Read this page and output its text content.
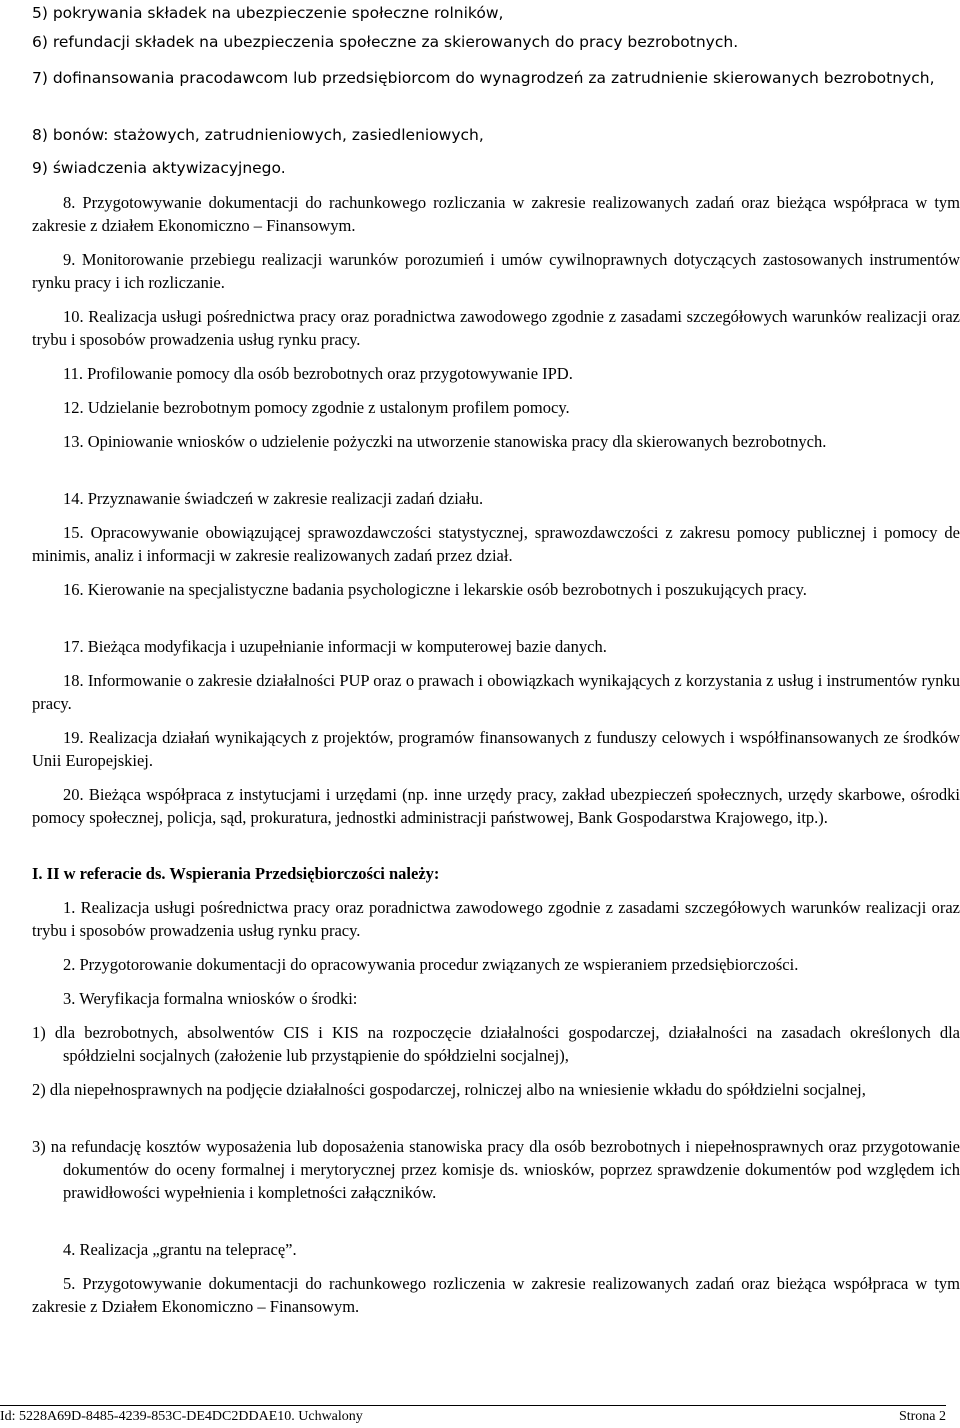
5) pokrywania składek na ubezpieczenie społeczne rolników,

6) refundacji składek na ubezpieczenia społeczne za skierowanych do pracy bezrobotnych.

7) dofinansowania pracodawcom lub przedsiębiorcom do wynagrodzeń za zatrudnienie skierowanych bezrobotnych,

8) bonów: stażowych, zatrudnieniowych, zasiedleniowych,

9) świadczenia aktywizacyjnego.

8. Przygotowywanie dokumentacji do rachunkowego rozliczania w zakresie realizowanych zadań oraz bieżąca współpraca w tym zakresie z działem Ekonomiczno – Finansowym.

9. Monitorowanie przebiegu realizacji warunków porozumień i umów cywilnoprawnych dotyczących zastosowanych instrumentów rynku pracy i ich rozliczanie.

10. Realizacja usługi pośrednictwa pracy oraz poradnictwa zawodowego zgodnie z zasadami szczegółowych warunków realizacji oraz trybu i sposobów prowadzenia usług rynku pracy.

11. Profilowanie pomocy dla osób bezrobotnych oraz przygotowywanie IPD.

12. Udzielanie bezrobotnym pomocy zgodnie z ustalonym profilem pomocy.

13. Opiniowanie wniosków o udzielenie pożyczki na utworzenie stanowiska pracy dla skierowanych bezrobotnych.

14. Przyznawanie świadczeń w zakresie realizacji zadań działu.

15. Opracowywanie obowiązującej sprawozdawczości statystycznej, sprawozdawczości z zakresu pomocy publicznej i pomocy de minimis, analiz i informacji w zakresie realizowanych zadań przez dział.

16. Kierowanie na specjalistyczne badania psychologiczne i lekarskie osób bezrobotnych i poszukujących pracy.

17. Bieżąca modyfikacja i uzupełnianie informacji w komputerowej bazie danych.

18. Informowanie o zakresie działalności PUP oraz o prawach i obowiązkach wynikających z korzystania z usług i instrumentów rynku pracy.

19. Realizacja działań wynikających z projektów, programów finansowanych z funduszy celowych i współfinansowanych ze środków Unii Europejskiej.

20. Bieżąca współpraca z instytucjami i urzędami (np. inne urzędy pracy, zakład ubezpieczeń społecznych, urzędy skarbowe, ośrodki pomocy społecznej, policja, sąd, prokuratura, jednostki administracji państwowej, Bank Gospodarstwa Krajowego, itp.).

I. II w referacie ds. Wspierania Przedsiębiorczości należy:

1. Realizacja usługi pośrednictwa pracy oraz poradnictwa zawodowego zgodnie z zasadami szczegółowych warunków realizacji oraz trybu i sposobów prowadzenia usług rynku pracy.

2. Przygotorowanie dokumentacji do opracowywania procedur związanych ze wspieraniem przedsiębiorczości.

3. Weryfikacja formalna wniosków o środki:

1) dla bezrobotnych, absolwentów CIS i KIS na rozpoczęcie działalności gospodarczej, działalności na zasadach określonych dla spółdzielni socjalnych (założenie lub przystąpienie do spółdzielni socjalnej),

2) dla niepełnosprawnych na podjęcie działalności gospodarczej, rolniczej albo na wniesienie wkładu do spółdzielni socjalnej,

3) na refundację kosztów wyposażenia lub doposażenia stanowiska pracy dla osób bezrobotnych i niepełnosprawnych oraz przygotowanie dokumentów do oceny formalnej i merytorycznej przez komisje ds. wniosków, poprzez sprawdzenie dokumentów pod względem ich prawidłowości wypełnienia i kompletności załączników.

4. Realizacja „grantu na telepracę”.

5. Przygotowywanie dokumentacji do rachunkowego rozliczenia w zakresie realizowanych zadań oraz bieżąca współpraca w tym zakresie z Działem Ekonomiczno – Finansowym.

Id: 5228A69D-8485-4239-853C-DE4DC2DDAE10. Uchwalony	Strona 2
